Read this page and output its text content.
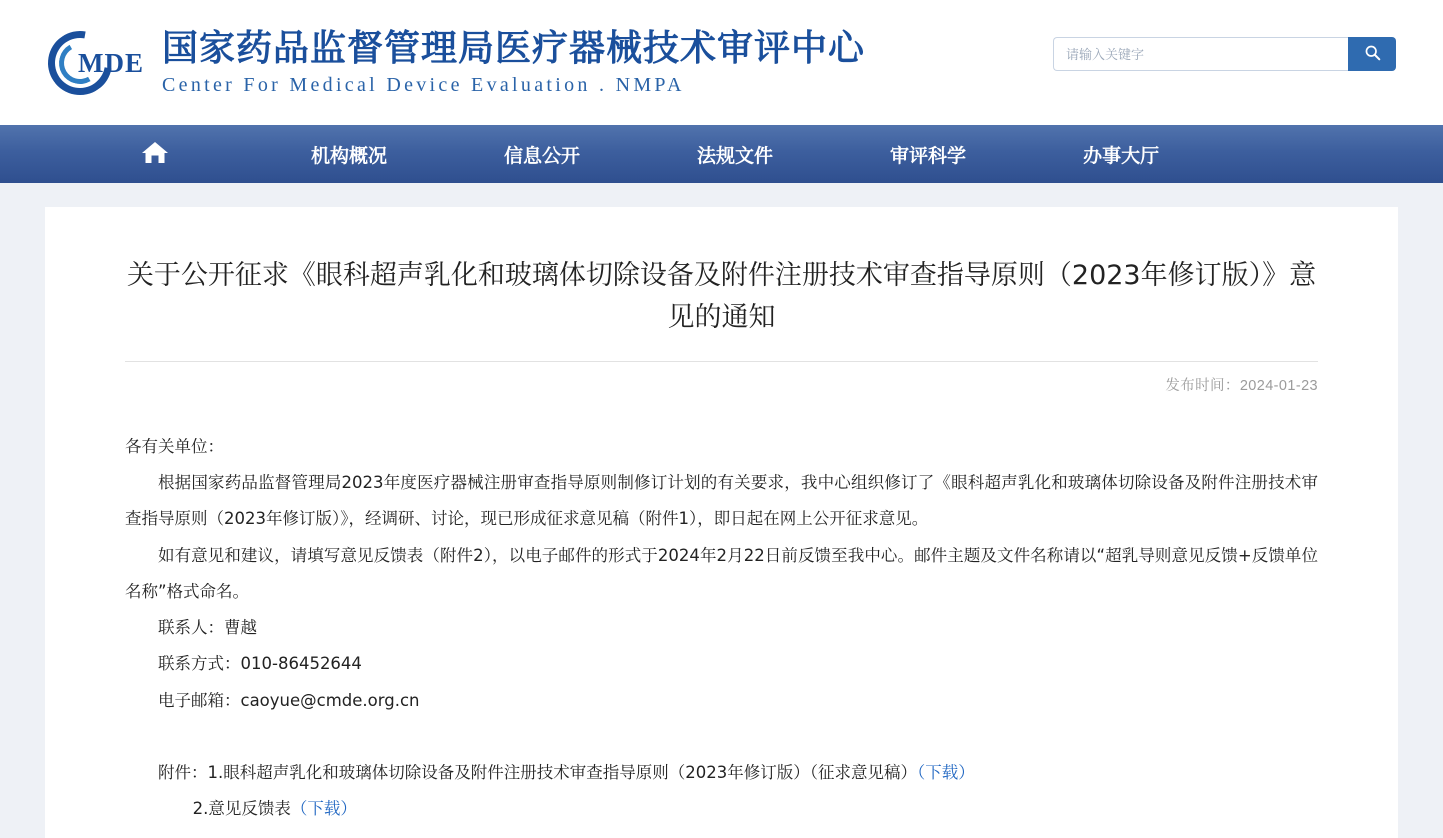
MDE 国家药品监督管理局医疗器械技术审评中心
Center For Medical Device Evaluation . NMPA
请输入关键字
机构概况	信息公开	法规文件	审评科学	办事大厅
关于公开征求《眼科超声乳化和玻璃体切除设备及附件注册技术审查指导原则（2023年修订版）》意见的通知
发布时间：2024-01-23

各有关单位：

根据国家药品监督管理局2023年度医疗器械注册审查指导原则制修订计划的有关要求，我中心组织修订了《眼科超声乳化和玻璃体切除设备及附件注册技术审查指导原则（2023年修订版）》，经调研、讨论，现已形成征求意见稿（附件1），即日起在网上公开征求意见。

如有意见和建议，请填写意见反馈表（附件2），以电子邮件的形式于2024年2月22日前反馈至我中心。邮件主题及文件名称请以“超乳导则意见反馈+反馈单位名称”格式命名。

联系人：曹越

联系方式：010-86452644

电子邮箱：caoyue@cmde.org.cn

附件：1.眼科超声乳化和玻璃体切除设备及附件注册技术审查指导原则（2023年修订版）（征求意见稿）（下载）

2.意见反馈表（下载）
